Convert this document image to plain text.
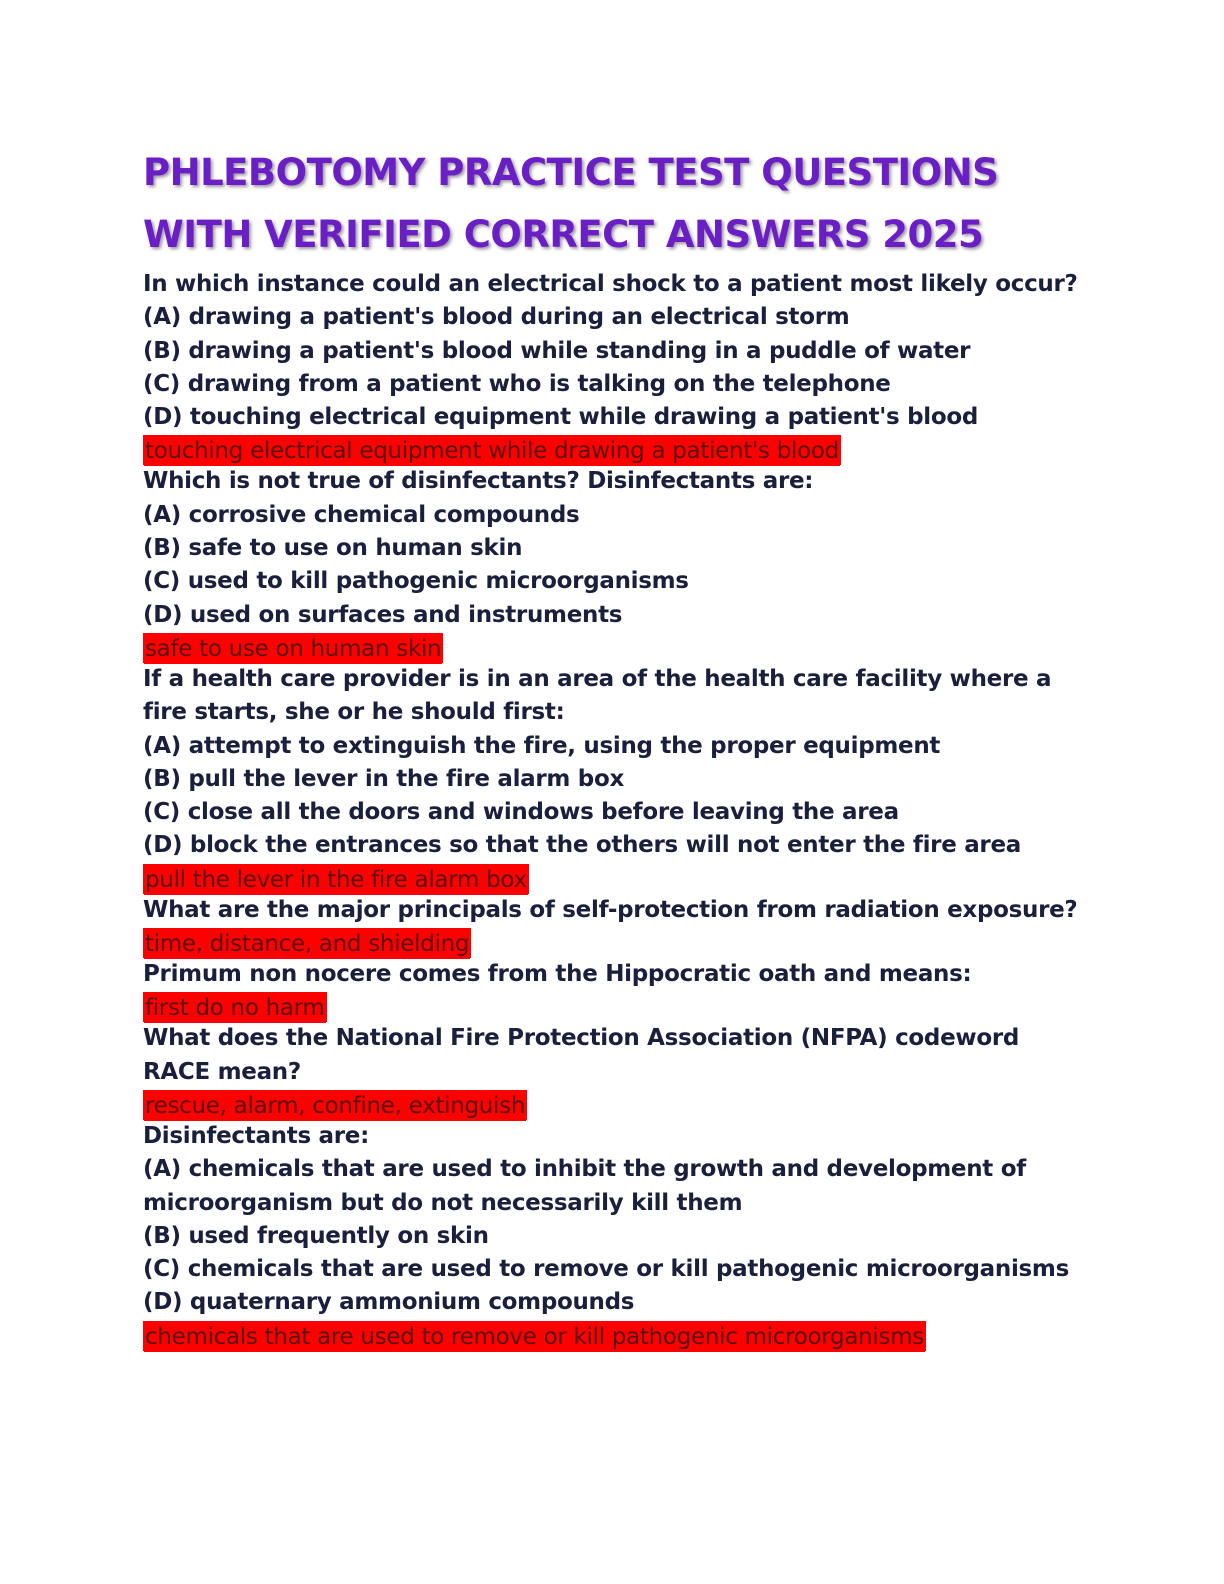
PHLEBOTOMY PRACTICE TEST QUESTIONS
WITH VERIFIED CORRECT ANSWERS 2025
In which instance could an electrical shock to a patient most likely occur?
(A) drawing a patient's blood during an electrical storm
(B) drawing a patient's blood while standing in a puddle of water
(C) drawing from a patient who is talking on the telephone
(D) touching electrical equipment while drawing a patient's blood
touching electrical equipment while drawing a patient's blood
Which is not true of disinfectants? Disinfectants are:
(A) corrosive chemical compounds
(B) safe to use on human skin
(C) used to kill pathogenic microorganisms
(D) used on surfaces and instruments
safe to use on human skin
If a health care provider is in an area of the health care facility where a
fire starts, she or he should first:
(A) attempt to extinguish the fire, using the proper equipment
(B) pull the lever in the fire alarm box
(C) close all the doors and windows before leaving the area
(D) block the entrances so that the others will not enter the fire area
pull the lever in the fire alarm box
What are the major principals of self-protection from radiation exposure?
time, distance, and shielding
Primum non nocere comes from the Hippocratic oath and means:
first do no harm
What does the National Fire Protection Association (NFPA) codeword
RACE mean?
rescue, alarm, confine, extinguish
Disinfectants are:
(A) chemicals that are used to inhibit the growth and development of
microorganism but do not necessarily kill them
(B) used frequently on skin
(C) chemicals that are used to remove or kill pathogenic microorganisms
(D) quaternary ammonium compounds
chemicals that are used to remove or kill pathogenic microorganisms
